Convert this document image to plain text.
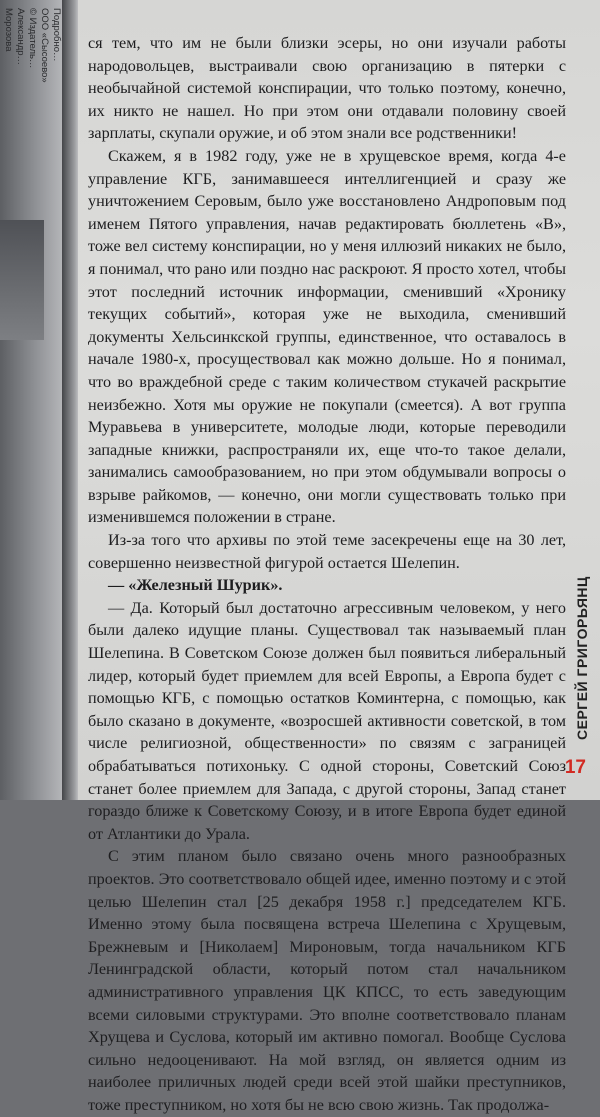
Подробно…
ООО «Сысоево»
© Издатель…
Александр…
Морозова	ся тем, что им не были близки эсеры, но они изучали работы народовольцев, выстраивали свою организацию в пятерки с необычайной системой конспирации, что только поэтому, конечно, их никто не нашел. Но при этом они отдавали половину своей зарплаты, скупали оружие, и об этом знали все родственники!

Скажем, я в 1982 году, уже не в хрущевское время, когда 4-е управление КГБ, занимавшееся интеллигенцией и сразу же уничтожением Серовым, было уже восстановлено Андроповым под именем Пятого управления, начав редактировать бюллетень «В», тоже вел систему конспирации, но у меня иллюзий никаких не было, я понимал, что рано или поздно нас раскроют. Я просто хотел, чтобы этот последний источник информации, сменивший «Хронику текущих событий», которая уже не выходила, сменивший документы Хельсинкской группы, единственное, что оставалось в начале 1980-х, просуществовал как можно дольше. Но я понимал, что во враждебной среде с таким количеством стукачей раскрытие неизбежно. Хотя мы оружие не покупали (смеется). А вот группа Муравьева в университете, молодые люди, которые переводили западные книжки, распространяли их, еще что-то такое делали, занимались самообразованием, но при этом обдумывали вопросы о взрыве райкомов, — конечно, они могли существовать только при изменившемся положении в стране.

Из-за того что архивы по этой теме засекречены еще на 30 лет, совершенно неизвестной фигурой остается Шелепин.

— «Железный Шурик».

— Да. Который был достаточно агрессивным человеком, у него были далеко идущие планы. Существовал так называемый план Шелепина. В Советском Союзе должен был появиться либеральный лидер, который будет приемлем для всей Европы, а Европа будет с помощью КГБ, с помощью остатков Коминтерна, с помощью, как было сказано в документе, «возросшей активности советской, в том числе религиозной, общественности» по связям с заграницей обрабатываться потихоньку. С одной стороны, Советский Союз станет более приемлем для Запада, с другой стороны, Запад станет гораздо ближе к Советскому Союзу, и в итоге Европа будет единой от Атлантики до Урала.

С этим планом было связано очень много разнообразных проектов. Это соответствовало общей идее, именно поэтому и с этой целью Шелепин стал [25 декабря 1958 г.] председателем КГБ. Именно этому была посвящена встреча Шелепина с Хрущевым, Брежневым и [Николаем] Мироновым, тогда начальником КГБ Ленинградской области, который потом стал начальником административного управления ЦК КПСС, то есть заведующим всеми силовыми структурами. Это вполне соответствовало планам Хрущева и Суслова, который им активно помогал. Вообще Суслова сильно недооценивают. На мой взгляд, он является одним из наиболее приличных людей среди всей этой шайки преступников, тоже преступником, но хотя бы не всю свою жизнь. Так продолжа-

СЕРГЕЙ ГРИГОРЬЯНЦ
17
